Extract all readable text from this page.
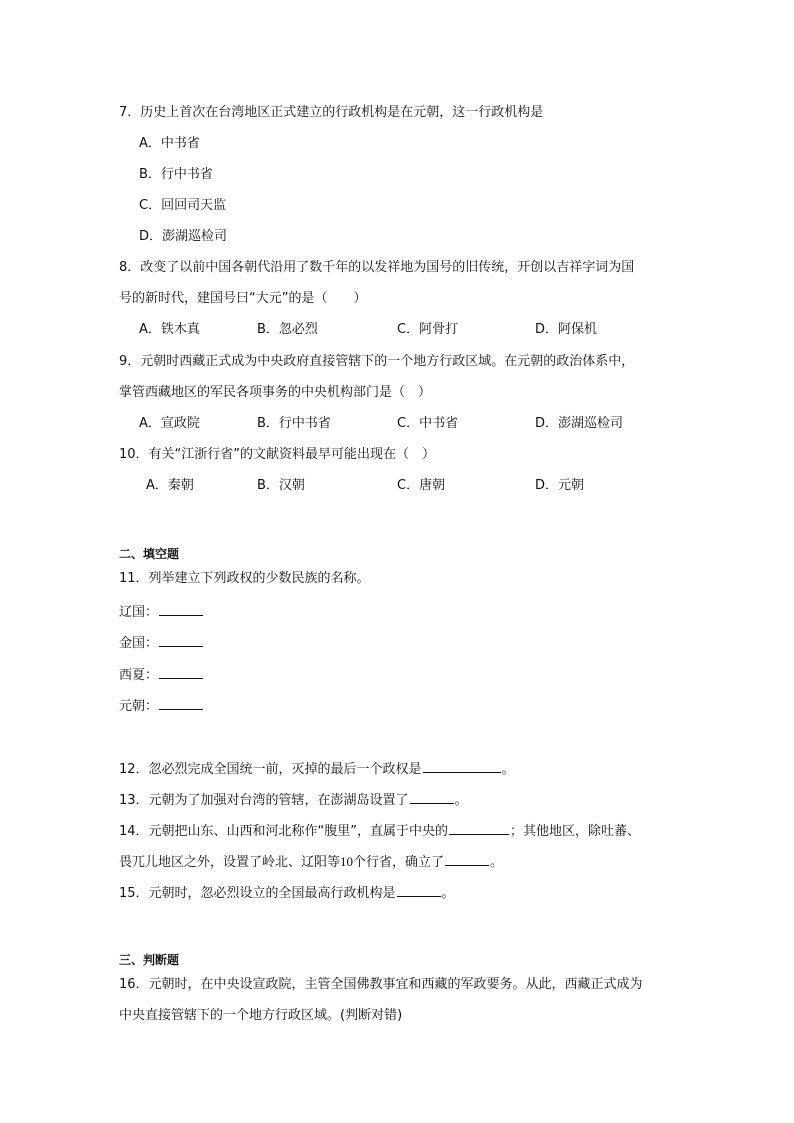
7．历史上首次在台湾地区正式建立的行政机构是在元朝，这一行政机构是
A．中书省
B．行中书省
C．回回司天监
D．澎湖巡检司
8．改变了以前中国各朝代沿用了数千年的以发祥地为国号的旧传统，开创以吉祥字词为国
号的新时代，建国号曰“大元”的是（　　）
A．铁木真	B．忽必烈	C．阿骨打	D．阿保机
9．元朝时西藏正式成为中央政府直接管辖下的一个地方行政区域。在元朝的政治体系中，
掌管西藏地区的军民各项事务的中央机构部门是（　）
A．宣政院	B．行中书省	C．中书省	D．澎湖巡检司
10．有关“江浙行省”的文献资料最早可能出现在（　）
A．秦朝	B．汉朝	C．唐朝	D．元朝
二、填空题
11．列举建立下列政权的少数民族的名称。
辽国：
金国：
西夏：
元朝：
12．忽必烈完成全国统一前，灭掉的最后一个政权是	。
13．元朝为了加强对台湾的管辖，在澎湖岛设置了	。
14．元朝把山东、山西和河北称作“腹里”，直属于中央的	；其他地区，除吐蕃、
畏兀儿地区之外，设置了岭北、辽阳等10个行省，确立了	。
15．元朝时，忽必烈设立的全国最高行政机构是	。
三、判断题
16．元朝时，在中央设宣政院，主管全国佛教事宜和西藏的军政要务。从此，西藏正式成为
中央直接管辖下的一个地方行政区域。(判断对错)
